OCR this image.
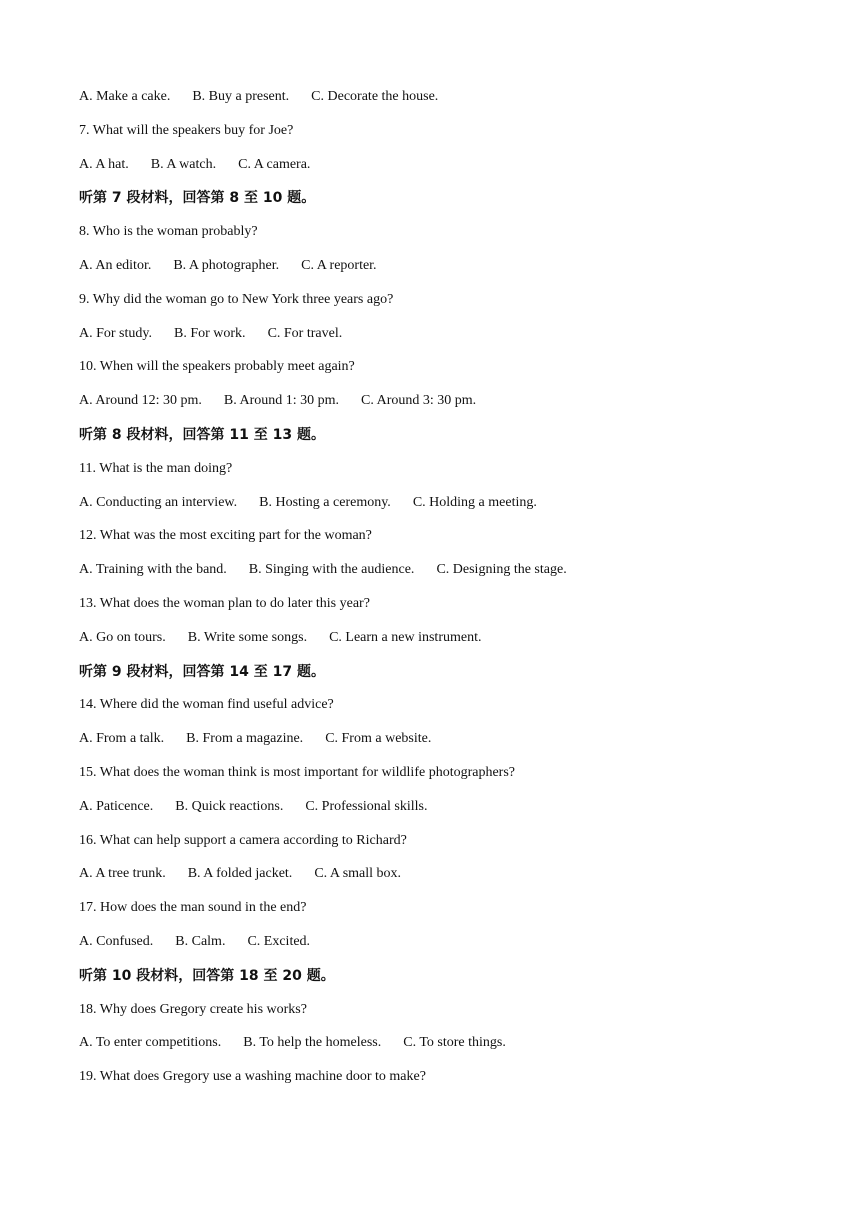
A. Make a cake. B. Buy a present. C. Decorate the house.
7. What will the speakers buy for Joe?
A. A hat. B. A watch. C. A camera.
听第 7 段材料，回答第 8 至 10 题。
8. Who is the woman probably?
A. An editor. B. A photographer. C. A reporter.
9. Why did the woman go to New York three years ago?
A. For study. B. For work. C. For travel.
10. When will the speakers probably meet again?
A. Around 12: 30 pm. B. Around 1: 30 pm. C. Around 3: 30 pm.
听第 8 段材料，回答第 11 至 13 题。
11. What is the man doing?
A. Conducting an interview. B. Hosting a ceremony. C. Holding a meeting.
12. What was the most exciting part for the woman?
A. Training with the band. B. Singing with the audience. C. Designing the stage.
13. What does the woman plan to do later this year?
A. Go on tours. B. Write some songs. C. Learn a new instrument.
听第 9 段材料，回答第 14 至 17 题。
14. Where did the woman find useful advice?
A. From a talk. B. From a magazine. C. From a website.
15. What does the woman think is most important for wildlife photographers?
A. Paticence. B. Quick reactions. C. Professional skills.
16. What can help support a camera according to Richard?
A. A tree trunk. B. A folded jacket. C. A small box.
17. How does the man sound in the end?
A. Confused. B. Calm. C. Excited.
听第 10 段材料，回答第 18 至 20 题。
18. Why does Gregory create his works?
A. To enter competitions. B. To help the homeless. C. To store things.
19. What does Gregory use a washing machine door to make?
